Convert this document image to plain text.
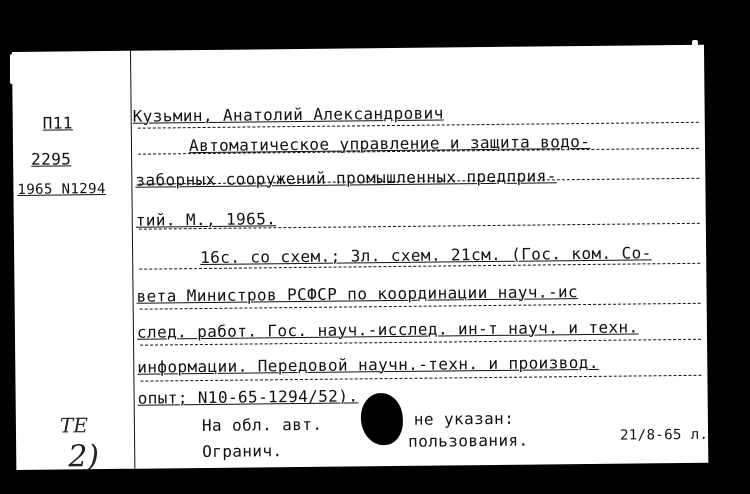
П11
2295
1965 N1294
Кузьмин, Анатолий Александрович
Автоматическое управление и защита водо-
заборных сооружений промышленных предприя-
тий. М., 1965.
16с. со схем.; 3л. схем. 21см. (Гос. ком. Со-
вета Министров РСФСР по координации науч.-ис
след. работ. Гос. науч.-исслед. ин-т науч. и техн.
информации. Передовой научн.-техн. и производ.
опыт; N10-65-1294/52).
На обл. авт.	не указан:
Огранич.
пользования.	21/8-65 л.
ТЕ
2)
